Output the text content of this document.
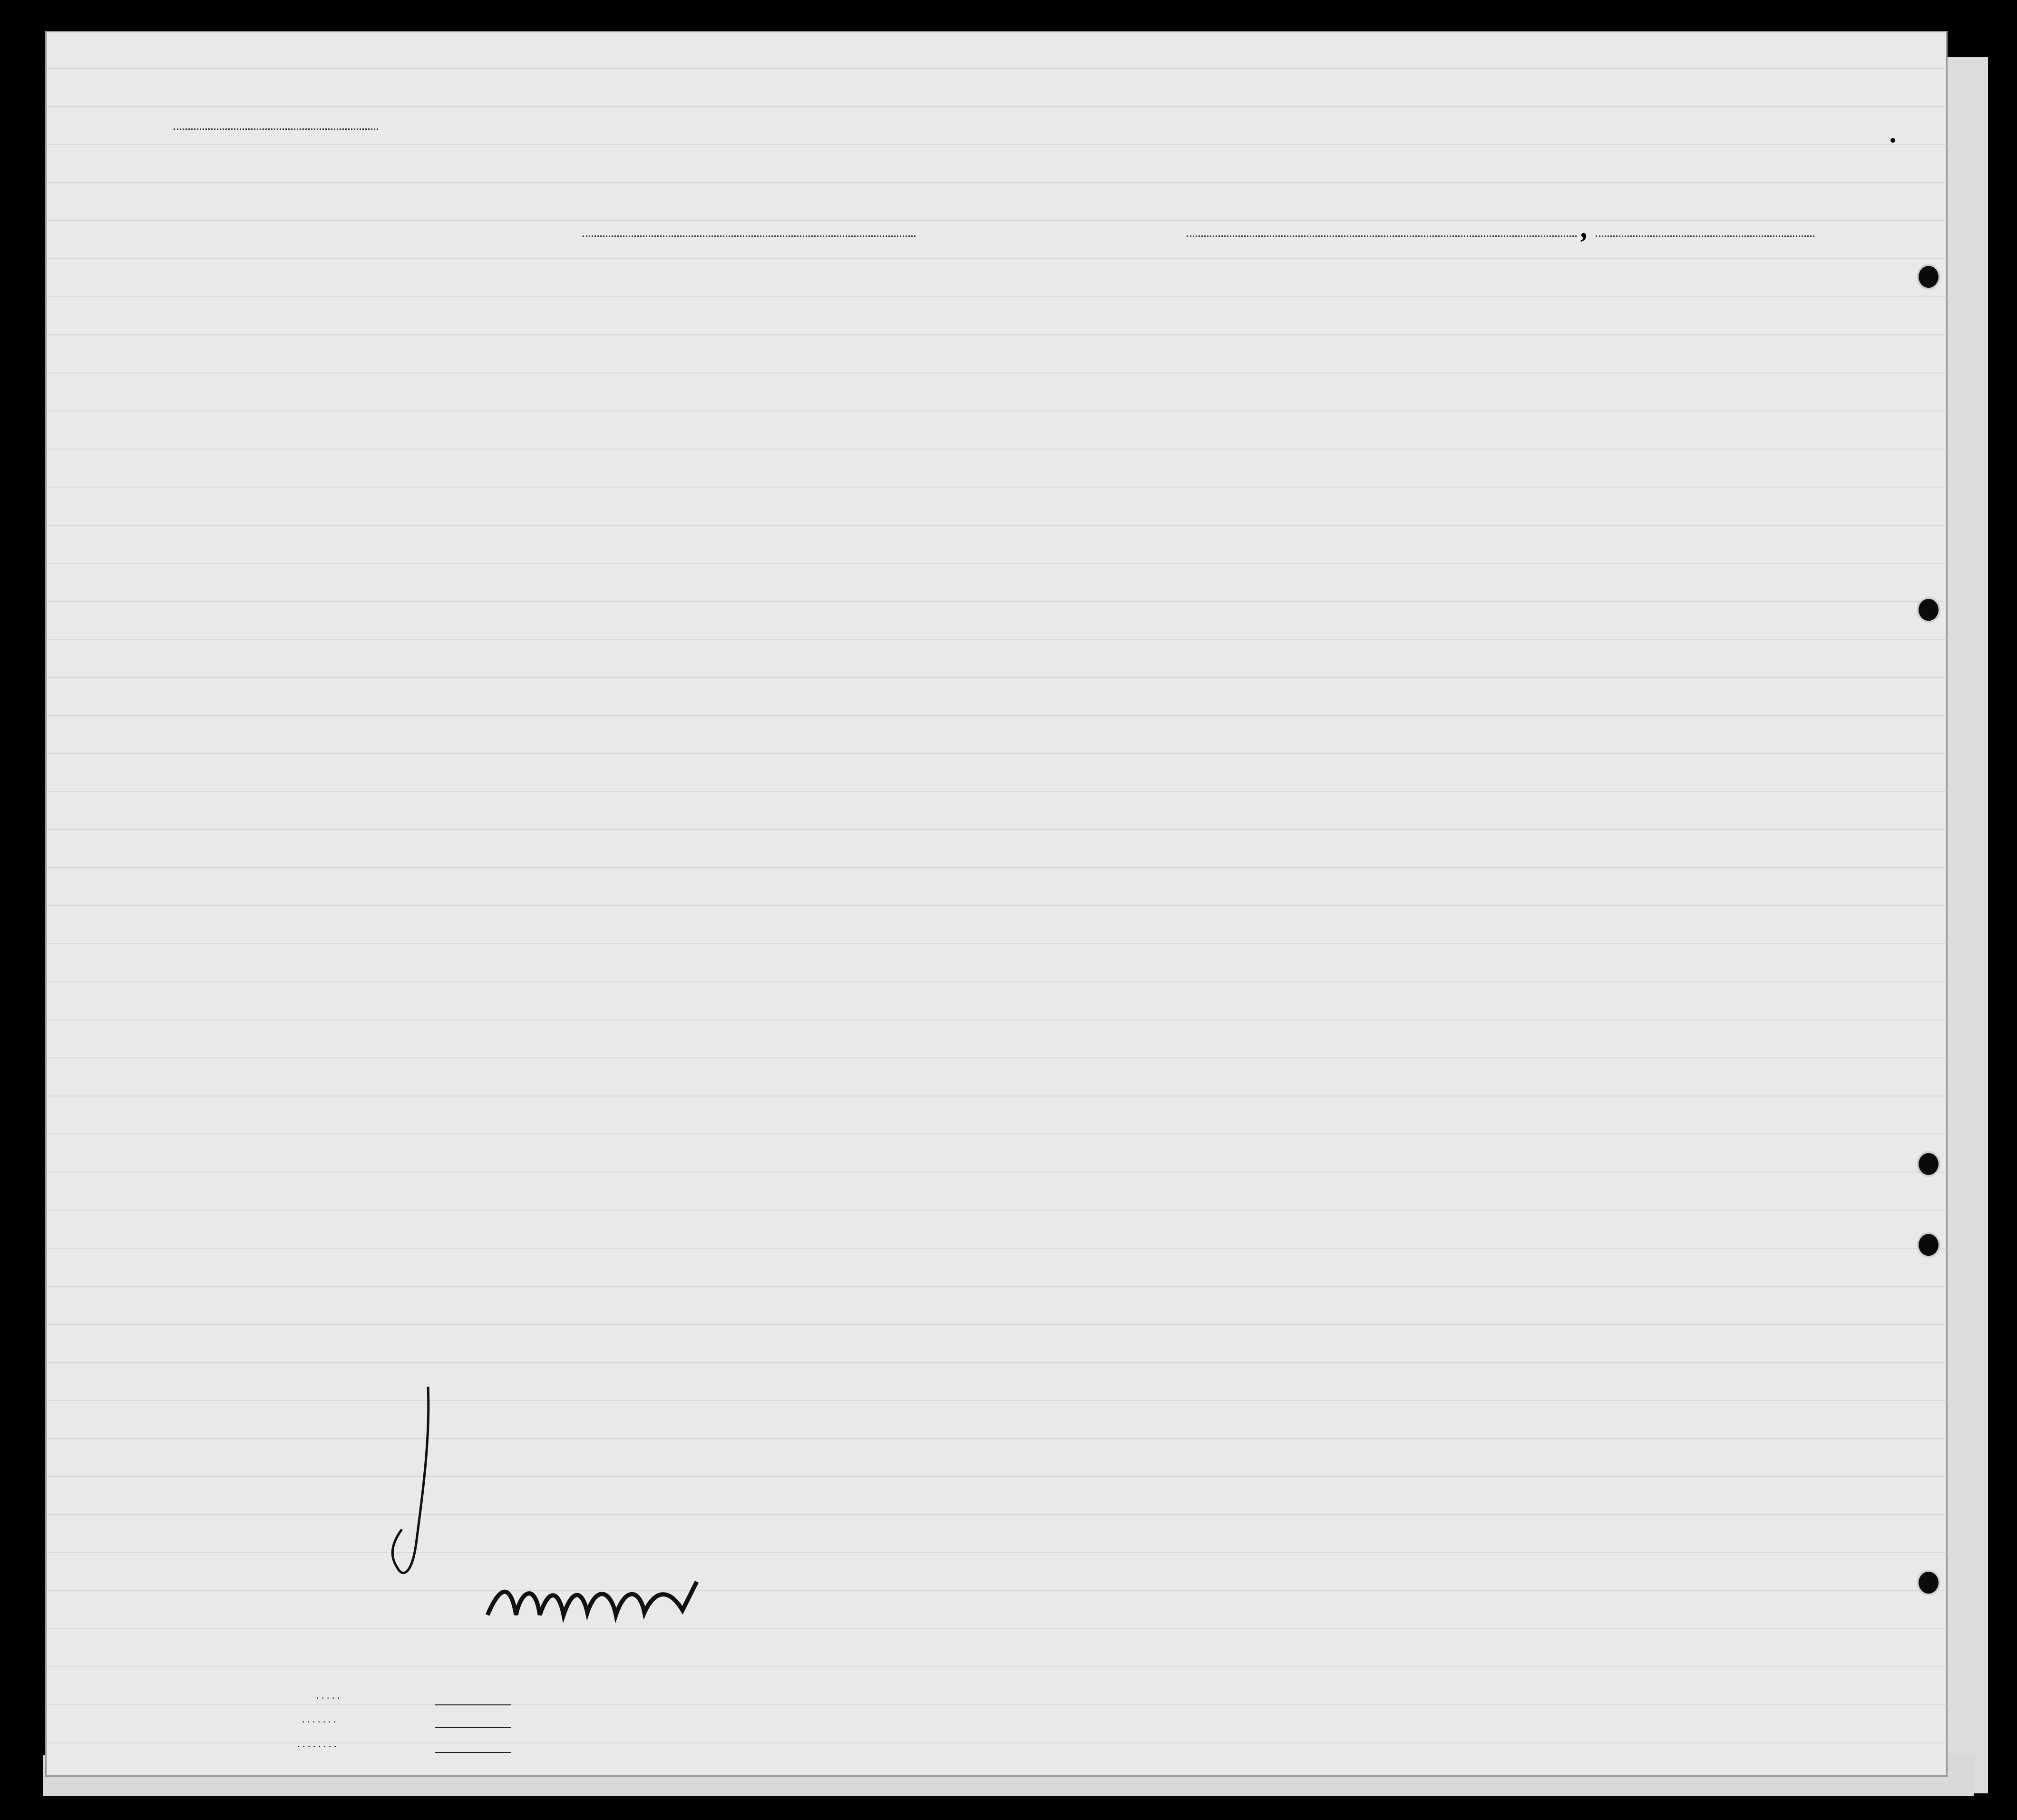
,
. . . . .
. . . . . . .
. . . . . . . .
